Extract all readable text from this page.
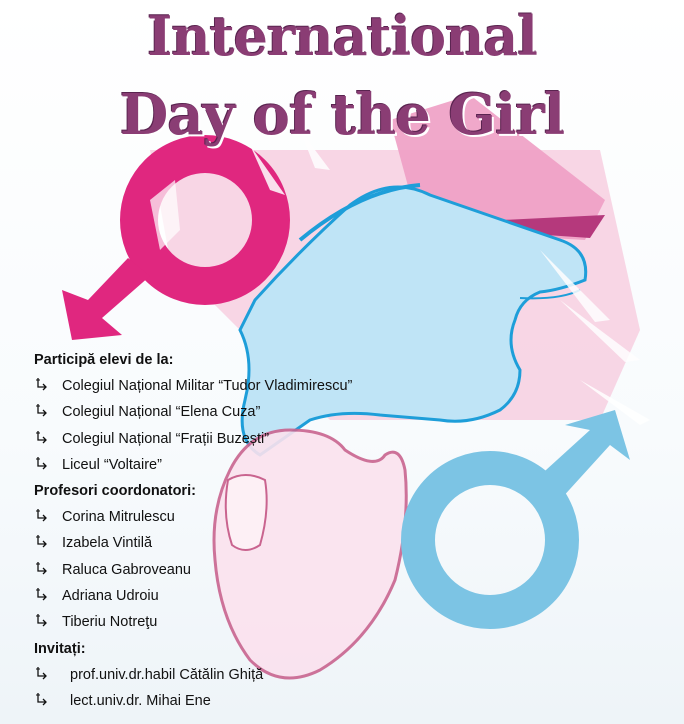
International
Day of the Girl
Participă elevi de la:
Colegiul Național Militar “Tudor Vladimirescu”
Colegiul Național “Elena Cuza”
Colegiul Național “Frații Buzești”
Liceul “Voltaire”
Profesori coordonatori:
Corina Mitrulescu
Izabela Vintilă
Raluca Gabroveanu
Adriana Udroiu
Tiberiu Notreţu
Invitați:
prof.univ.dr.habil Cătălin Ghiță
lect.univ.dr. Mihai Ene
